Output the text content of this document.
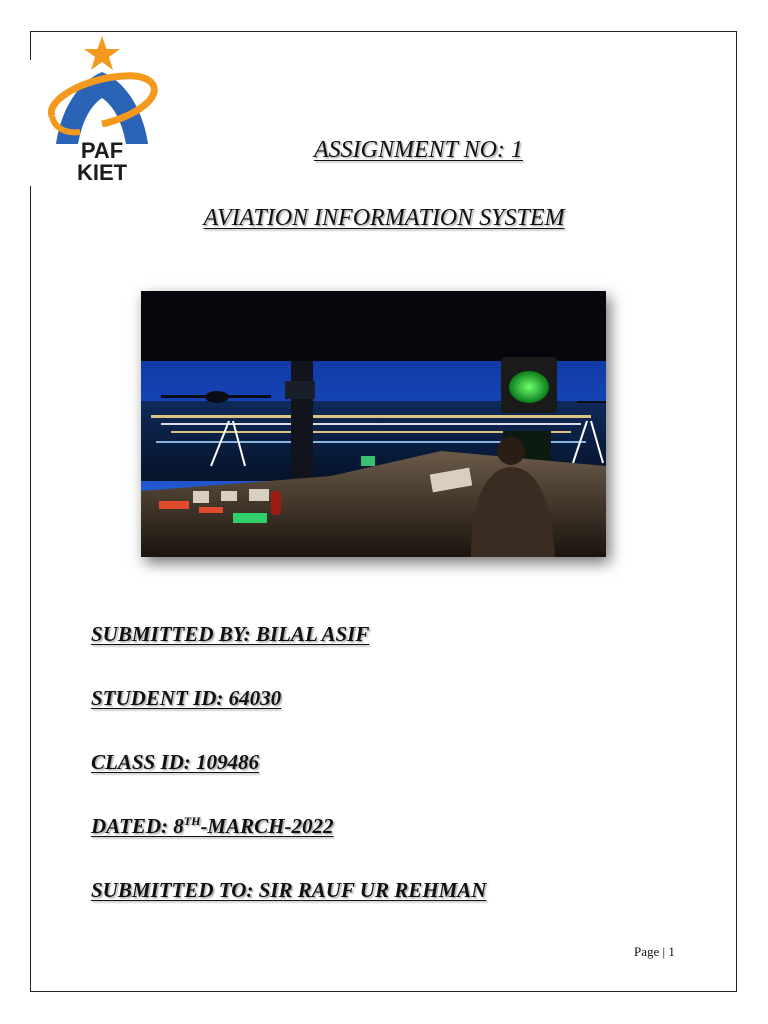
PAF
KIET
ASSIGNMENT NO: 1
AVIATION INFORMATION SYSTEM
SUBMITTED BY: BILAL ASIF
STUDENT ID: 64030
CLASS ID: 109486
DATED: 8TH-MARCH-2022
SUBMITTED TO: SIR RAUF UR REHMAN
Page | 1
